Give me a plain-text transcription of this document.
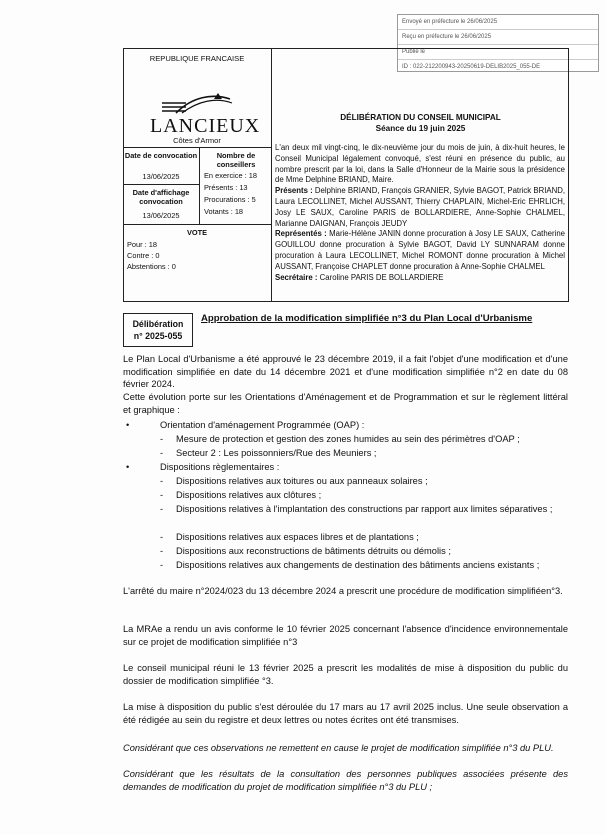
Envoyé en préfecture le 26/06/2025
Reçu en préfecture le 26/06/2025
Publié le
ID : 022-212200943-20250619-DELIB2025_055-DE
REPUBLIQUE FRANCAISE
LANCIEUX
Côtes d'Armor
Date de convocation
13/06/2025
Date d'affichage convocation
13/06/2025
Nombre de conseillers
En exercice : 18
Présents : 13
Procurations : 5
Votants : 18
VOTE
Pour : 18
Contre : 0
Abstentions : 0
DÉLIBÉRATION DU CONSEIL MUNICIPAL
Séance du 19 juin 2025
L'an deux mil vingt-cinq, le dix-neuvième jour du mois de juin, à dix-huit heures, le Conseil Municipal légalement convoqué, s'est réuni en présence du public, au nombre prescrit par la loi, dans la Salle d'Honneur de la Mairie sous la présidence de Mme Delphine BRIAND, Maire.
Présents : Delphine BRIAND, François GRANIER, Sylvie BAGOT, Patrick BRIAND, Laura LECOLLINET, Michel AUSSANT, Thierry CHAPLAIN, Michel-Eric EHRLICH, Josy LE SAUX, Caroline PARIS de BOLLARDIERE, Anne-Sophie CHALMEL, Marianne DAIGNAN, François JEUDY
Représentés : Marie-Hélène JANIN donne procuration à Josy LE SAUX, Catherine GOUILLOU donne procuration à Sylvie BAGOT, David LY SUNNARAM donne procuration à Laura LECOLLINET, Michel ROMONT donne procuration à Michel AUSSANT, Françoise CHAPLET donne procuration à Anne-Sophie CHALMEL
Secrétaire : Caroline PARIS DE BOLLARDIERE
Délibération
n° 2025-055
Approbation de la modification simplifiée n°3 du Plan Local d'Urbanisme
Le Plan Local d'Urbanisme a été approuvé le 23 décembre 2019, il a fait l'objet d'une modification et d'une modification simplifiée en date du 14 décembre 2021 et d'une modification simplifiée n°2 en date du 08 février 2024.
Cette évolution porte sur les Orientations d'Aménagement et de Programmation et sur le règlement littéral et graphique :
•	Orientation d'aménagement Programmée (OAP) :
- Mesure de protection et gestion des zones humides au sein des périmètres d'OAP ;
- Secteur 2 : Les poissonniers/Rue des Meuniers ;
•	Dispositions règlementaires :
- Dispositions relatives aux toitures ou aux panneaux solaires ;
- Dispositions relatives aux clôtures ;
- Dispositions relatives à l'implantation des constructions par rapport aux limites séparatives ;
- Dispositions relatives aux espaces libres et de plantations ;
- Dispositions aux reconstructions de bâtiments détruits ou démolis ;
- Dispositions relatives aux changements de destination des bâtiments anciens existants ;
L'arrêté du maire n°2024/023 du 13 décembre 2024 a prescrit une procédure de modification simplifiéen°3.
La MRAe a rendu un avis conforme le 10 février 2025 concernant l'absence d'incidence environnementale sur ce projet de modification simplifiée n°3
Le conseil municipal réuni le 13 février 2025 a prescrit les modalités de mise à disposition du public du dossier de modification simplifiée °3.
La mise à disposition du public s'est déroulée du 17 mars au 17 avril 2025 inclus. Une seule observation a été rédigée au sein du registre et deux lettres ou notes écrites ont été transmises.
Considérant que ces observations ne remettent en cause le projet de modification simplifiée n°3 du PLU.
Considérant que les résultats de la consultation des personnes publiques associées présente des demandes de modification du projet de modification simplifiée n°3 du PLU ;
